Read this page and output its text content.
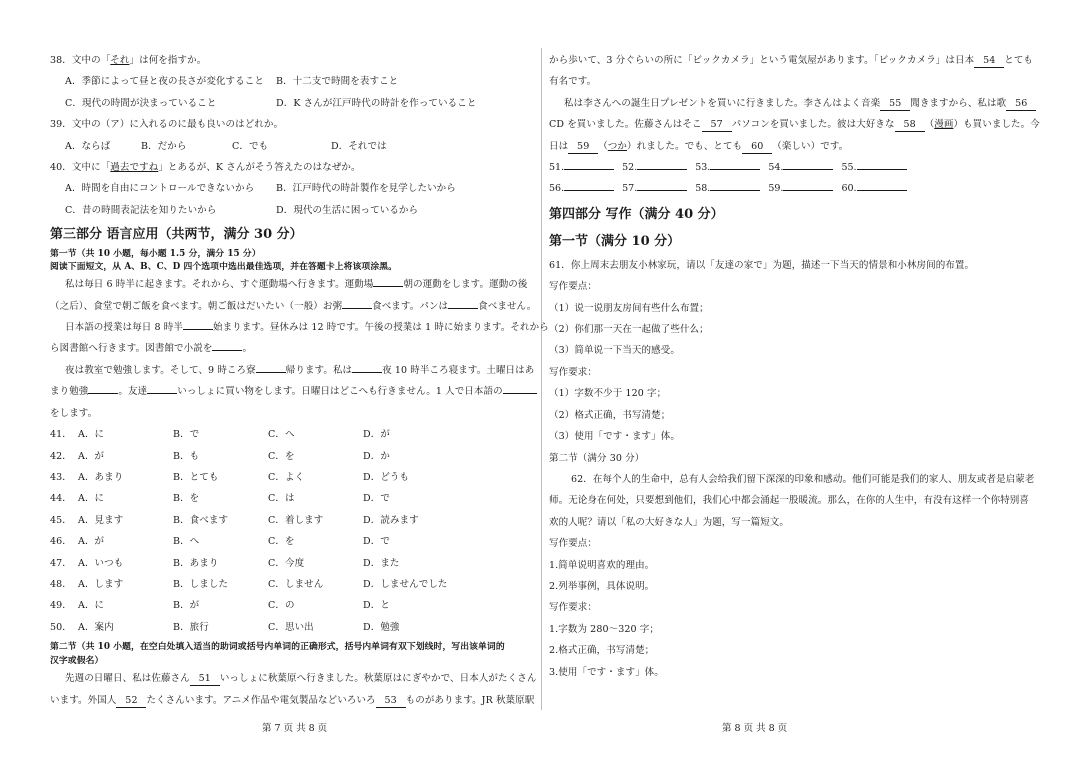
38．文中の「それ」は何を指すか。
A．季節によって昼と夜の長さが変化すること	B．十二支で時間を表すこと
C．現代の時間が決まっていること	D．K さんが江戸時代の時計を作っていること
39．文中の（ア）に入れるのに最も良いのはどれか。
A．ならば	B．だから	C．でも	D．それでは
40．文中に「過去ですね」とあるが、K さんがそう答えたのはなぜか。
A．時間を自由にコントロールできないから	B．江戸時代の時計製作を見学したいから
C．昔の時間表記法を知りたいから	D．現代の生活に困っているから
第三部分 语言应用（共两节，满分 30 分）
第一节（共 10 小题，每小题 1.5 分，满分 15 分）
阅读下面短文，从 A、B、C、D 四个选项中选出最佳选项，并在答题卡上将该项涂黑。
私は毎日 6 時半に起きます。それから、すぐ運動場へ行きます。運動場	朝の運動をします。運動の後
（之后）、食堂で朝ご飯を食べます。朝ご飯はだいたい（一般）お粥	食べます。パンは	食べません。
日本語の授業は毎日 8 時半	始まります。昼休みは 12 時です。午後の授業は 1 時に始まります。それから
ら図書館へ行きます。図書館で小説を	。
夜は教室で勉強します。そして、9 時ころ寮	帰ります。私は	夜 10 時半ころ寝ます。土曜日はあ
まり勉強	。友達	いっしょに買い物をします。日曜日はどこへも行きません。1 人で日本語の
をします。
41． A．に	B．で	C．へ	D．が
42． A．が	B．も	C．を	D．か
43． A．あまり	B．とても	C．よく	D．どうも
44． A．に	B．を	C．は	D．で
45． A．見ます	B．食べます	C．着します	D．読みます
46． A．が	B．へ	C．を	D．で
47． A．いつも	B．あまり	C．今度	D．また
48． A．します	B．しました	C．しません	D．しませんでした
49． A．に	B．が	C．の	D．と
50． A．案内	B．旅行	C．思い出	D．勉強
第二节（共 10 小题，在空白处填入适当的助词或括号内单词的正确形式，括号内单词有双下划线时，写出该单词的
汉字或假名）
先週の日曜日、私は佐藤さん 51 いっしょに秋葉原へ行きました。秋葉原はにぎやかで、日本人がたくさん
います。外国人 52 たくさんいます。アニメ作品や電気製品などいろいろ 53 ものがあります。JR 秋葉原駅
から歩いて、3 分ぐらいの所に「ビックカメラ」という電気屋があります。「ビックカメラ」は日本 54 とても
有名です。
私は李さんへの誕生日プレゼントを買いに行きました。李さんはよく音楽 55 聞きますから、私は歌 56
CD を買いました。佐藤さんはそこ 57 パソコンを買いました。彼は大好きな 58 （漫画）も買いました。今
日は 59 （つか）れました。でも、とても 60 （楽しい）です。
51.	52.	53.	54.	55.
56.	57.	58.	59.	60.
第四部分 写作（满分 40 分）
第一节（满分 10 分）
61．你上周末去朋友小林家玩，请以「友達の家で」为题，描述一下当天的情景和小林房间的布置。
写作要点：
（1）说一说朋友房间有些什么布置；
（2）你们那一天在一起做了些什么；
（3）简单说一下当天的感受。
写作要求：
（1）字数不少于 120 字；
（2）格式正确，书写清楚；
（3）使用「です・ます」体。
第二节（满分 30 分）
62．在每个人的生命中，总有人会给我们留下深深的印象和感动。他们可能是我们的家人、朋友或者是启蒙老
师。无论身在何处，只要想到他们，我们心中都会涌起一股暖流。那么，在你的人生中，有没有这样一个你特别喜
欢的人呢？请以「私の大好きな人」为题，写一篇短文。
写作要点：
1.简单说明喜欢的理由。
2.列举事例，具体说明。
写作要求：
1.字数为 280～320 字；
2.格式正确，书写清楚；
3.使用「です・ます」体。
第 7 页 共 8 页	第 8 页 共 8 页
